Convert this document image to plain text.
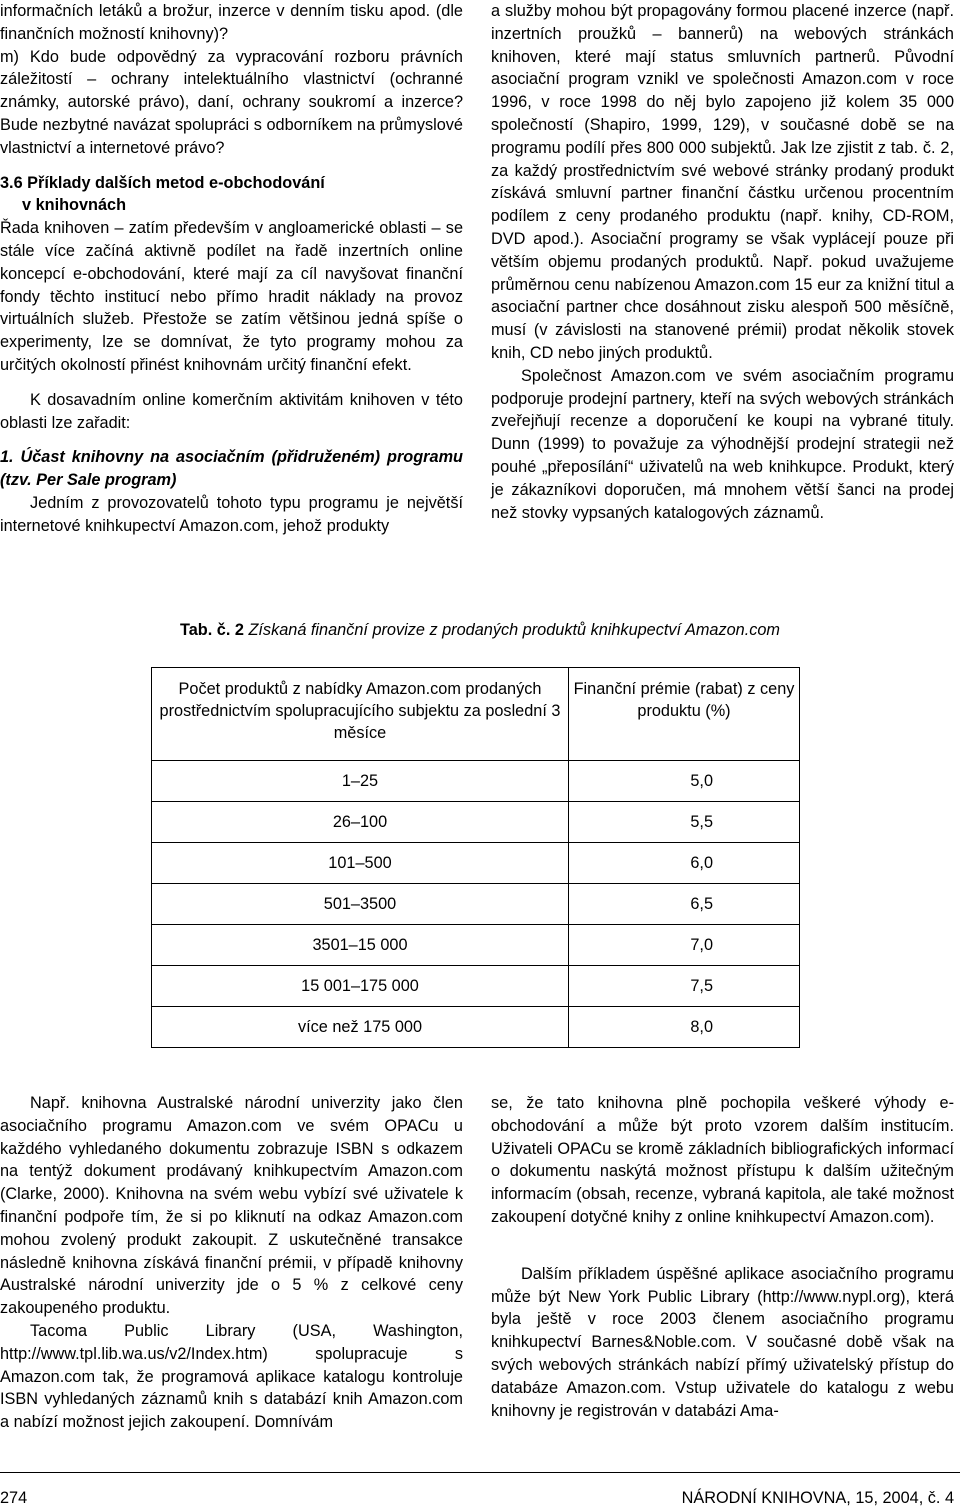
informačních letáků a brožur, inzerce v denním tisku apod. (dle finančních možností knihovny)?

m) Kdo bude odpovědný za vypracování rozboru právních záležitostí – ochrany intelektuálního vlastnictví (ochranné známky, autorské právo), daní, ochrany soukromí a inzerce? Bude nezbytné navázat spolupráci s odborníkem na průmyslové vlastnictví a internetové právo?

3.6 Příklady dalších metod e-obchodování
v knihovnách

Řada knihoven – zatím především v angloamerické oblasti – se stále více začíná aktivně podílet na řadě inzertních online koncepcí e-obchodování, které mají za cíl navyšovat finanční fondy těchto institucí nebo přímo hradit náklady na provoz virtuálních služeb. Přestože se zatím většinou jedná spíše o experimenty, lze se domnívat, že tyto programy mohou za určitých okolností přinést knihovnám určitý finanční efekt.

K dosavadním online komerčním aktivitám knihoven v této oblasti lze zařadit:

1. Účast knihovny na asociačním (přidruženém) programu (tzv. Per Sale program)

Jedním z provozovatelů tohoto typu programu je největší internetové knihkupectví Amazon.com, jehož produkty

a služby mohou být propagovány formou placené inzerce (např. inzertních proužků – bannerů) na webových stránkách knihoven, které mají status smluvních partnerů. Původní asociační program vznikl ve společnosti Amazon.com v roce 1996, v roce 1998 do něj bylo zapojeno již kolem 35 000 společností (Shapiro, 1999, 129), v současné době se na programu podílí přes 800 000 subjektů. Jak lze zjistit z tab. č. 2, za každý prostřednictvím své webové stránky prodaný produkt získává smluvní partner finanční částku určenou procentním podílem z ceny prodaného produktu (např. knihy, CD-ROM, DVD apod.). Asociační programy se však vyplácejí pouze při větším objemu prodaných produktů. Např. pokud uvažujeme průměrnou cenu nabízenou Amazon.com 15 eur za knižní titul a asociační partner chce dosáhnout zisku alespoň 500 měsíčně, musí (v závislosti na stanovené prémii) prodat několik stovek knih, CD nebo jiných produktů.

Společnost Amazon.com ve svém asociačním programu podporuje prodejní partnery, kteří na svých webových stránkách zveřejňují recenze a doporučení ke koupi na vybrané tituly. Dunn (1999) to považuje za výhodnější prodejní strategii než pouhé „přeposílání“ uživatelů na web knihkupce. Produkt, který je zákazníkovi doporučen, má mnohem větší šanci na prodej než stovky vypsaných katalogových záznamů.

Tab. č. 2 Získaná finanční provize z prodaných produktů knihkupectví Amazon.com
Počet produktů z nabídky Amazon.com prodaných prostřednictvím spolupracujícího subjektu za poslední 3 měsíce	Finanční prémie (rabat) z ceny produktu (%)
1–25	5,0
26–100	5,5
101–500	6,0
501–3500	6,5
3501–15 000	7,0
15 001–175 000	7,5
více než 175 000	8,0

Např. knihovna Australské národní univerzity jako člen asociačního programu Amazon.com ve svém OPACu u každého vyhledaného dokumentu zobrazuje ISBN s odkazem na tentýž dokument prodávaný knihkupectvím Amazon.com (Clarke, 2000). Knihovna na svém webu vybízí své uživatele k finanční podpoře tím, že si po kliknutí na odkaz Amazon.com mohou zvolený produkt zakoupit. Z uskutečněné transakce následně knihovna získává finanční prémii, v případě knihovny Australské národní univerzity jde o 5 % z celkové ceny zakoupeného produktu.

Tacoma Public Library (USA, Washington, http://www.tpl.lib.wa.us/v2/Index.htm) spolupracuje s Amazon.com tak, že programová aplikace katalogu kontroluje ISBN vyhledaných záznamů knih s databází knih Amazon.com a nabízí možnost jejich zakoupení. Domnívám

se, že tato knihovna plně pochopila veškeré výhody e-obchodování a může být proto vzorem dalším institucím. Uživateli OPACu se kromě základních bibliografických informací o dokumentu naskýtá možnost přístupu k dalším užitečným informacím (obsah, recenze, vybraná kapitola, ale také možnost zakoupení dotyčné knihy z online knihkupectví Amazon.com).

Dalším příkladem úspěšné aplikace asociačního programu může být New York Public Library (http://www.nypl.org), která byla ještě v roce 2003 členem asociačního programu knihkupectví Barnes&Noble.com. V současné době však na svých webových stránkách nabízí přímý uživatelský přístup do databáze Amazon.com. Vstup uživatele do katalogu z webu knihovny je registrován v databázi Ama-

274	NÁRODNÍ KNIHOVNA, 15, 2004, č. 4
